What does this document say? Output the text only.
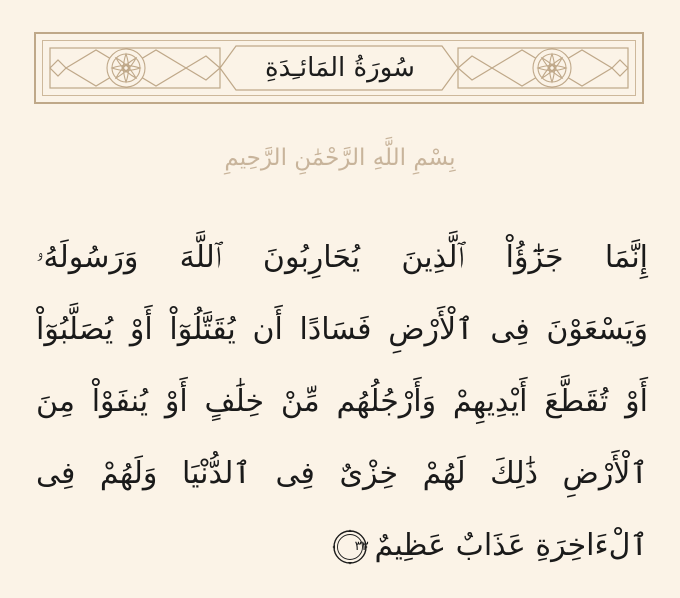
سُورَةُ المَائـِدَةِ
بِسْمِ اللَّهِ الرَّحْمَٰنِ الرَّحِيمِ
إِنَّمَا جَزَٰٓؤُاْ ٱلَّذِينَ يُحَارِبُونَ ٱللَّهَ وَرَسُولَهُۥ
وَيَسْعَوْنَ فِى ٱلْأَرْضِ فَسَادًا أَن يُقَتَّلُوٓاْ أَوْ يُصَلَّبُوٓاْ
أَوْ تُقَطَّعَ أَيْدِيهِمْ وَأَرْجُلُهُم مِّنْ خِلَٰفٍ أَوْ يُنفَوْاْ مِنَ
ٱلْأَرْضِ ذَٰلِكَ لَهُمْ خِزْىٌ فِى ٱلدُّنْيَا وَلَهُمْ فِى
ٱلْءَاخِرَةِ عَذَابٌ عَظِيمٌ
٣٣
